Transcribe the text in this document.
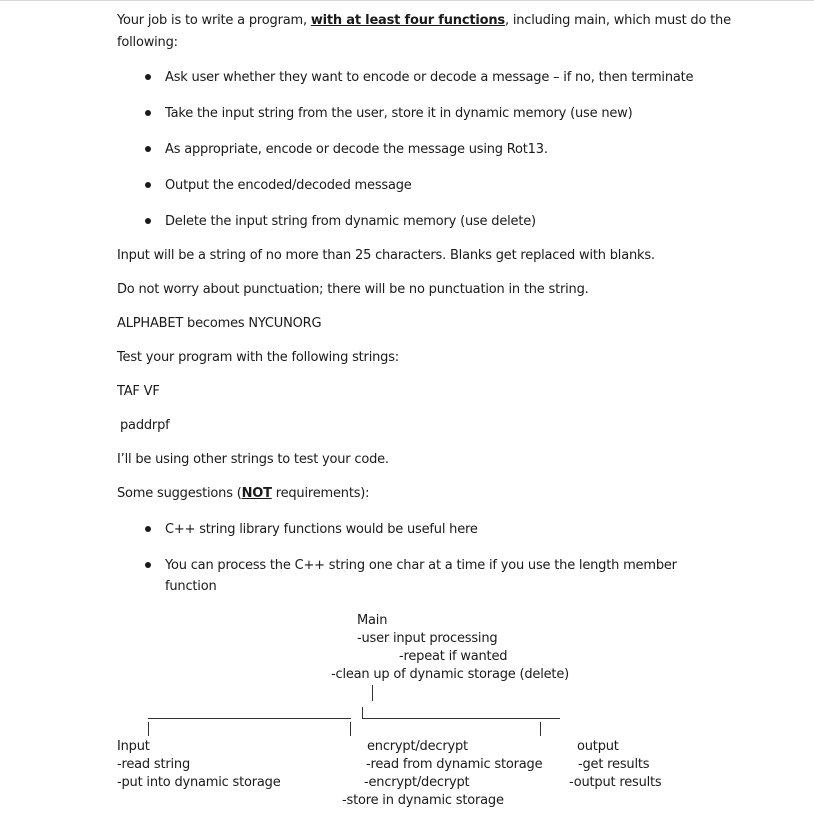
Your job is to write a program, with at least four functions, including main, which must do the
following:
Ask user whether they want to encode or decode a message – if no, then terminate
Take the input string from the user, store it in dynamic memory (use new)
As appropriate, encode or decode the message using Rot13.
Output the encoded/decoded message
Delete the input string from dynamic memory (use delete)
Input will be a string of no more than 25 characters. Blanks get replaced with blanks.
Do not worry about punctuation; there will be no punctuation in the string.
ALPHABET becomes NYCUNORG
Test your program with the following strings:
TAF VF
paddrpf
I’ll be using other strings to test your code.
Some suggestions (NOT requirements):
C++ string library functions would be useful here
You can process the C++ string one char at a time if you use the length member
function
Main
-user input processing
-repeat if wanted
-clean up of dynamic storage (delete)
Input
-read string
-put into dynamic storage
encrypt/decrypt
-read from dynamic storage
-encrypt/decrypt
-store in dynamic storage
output
-get results
-output results
